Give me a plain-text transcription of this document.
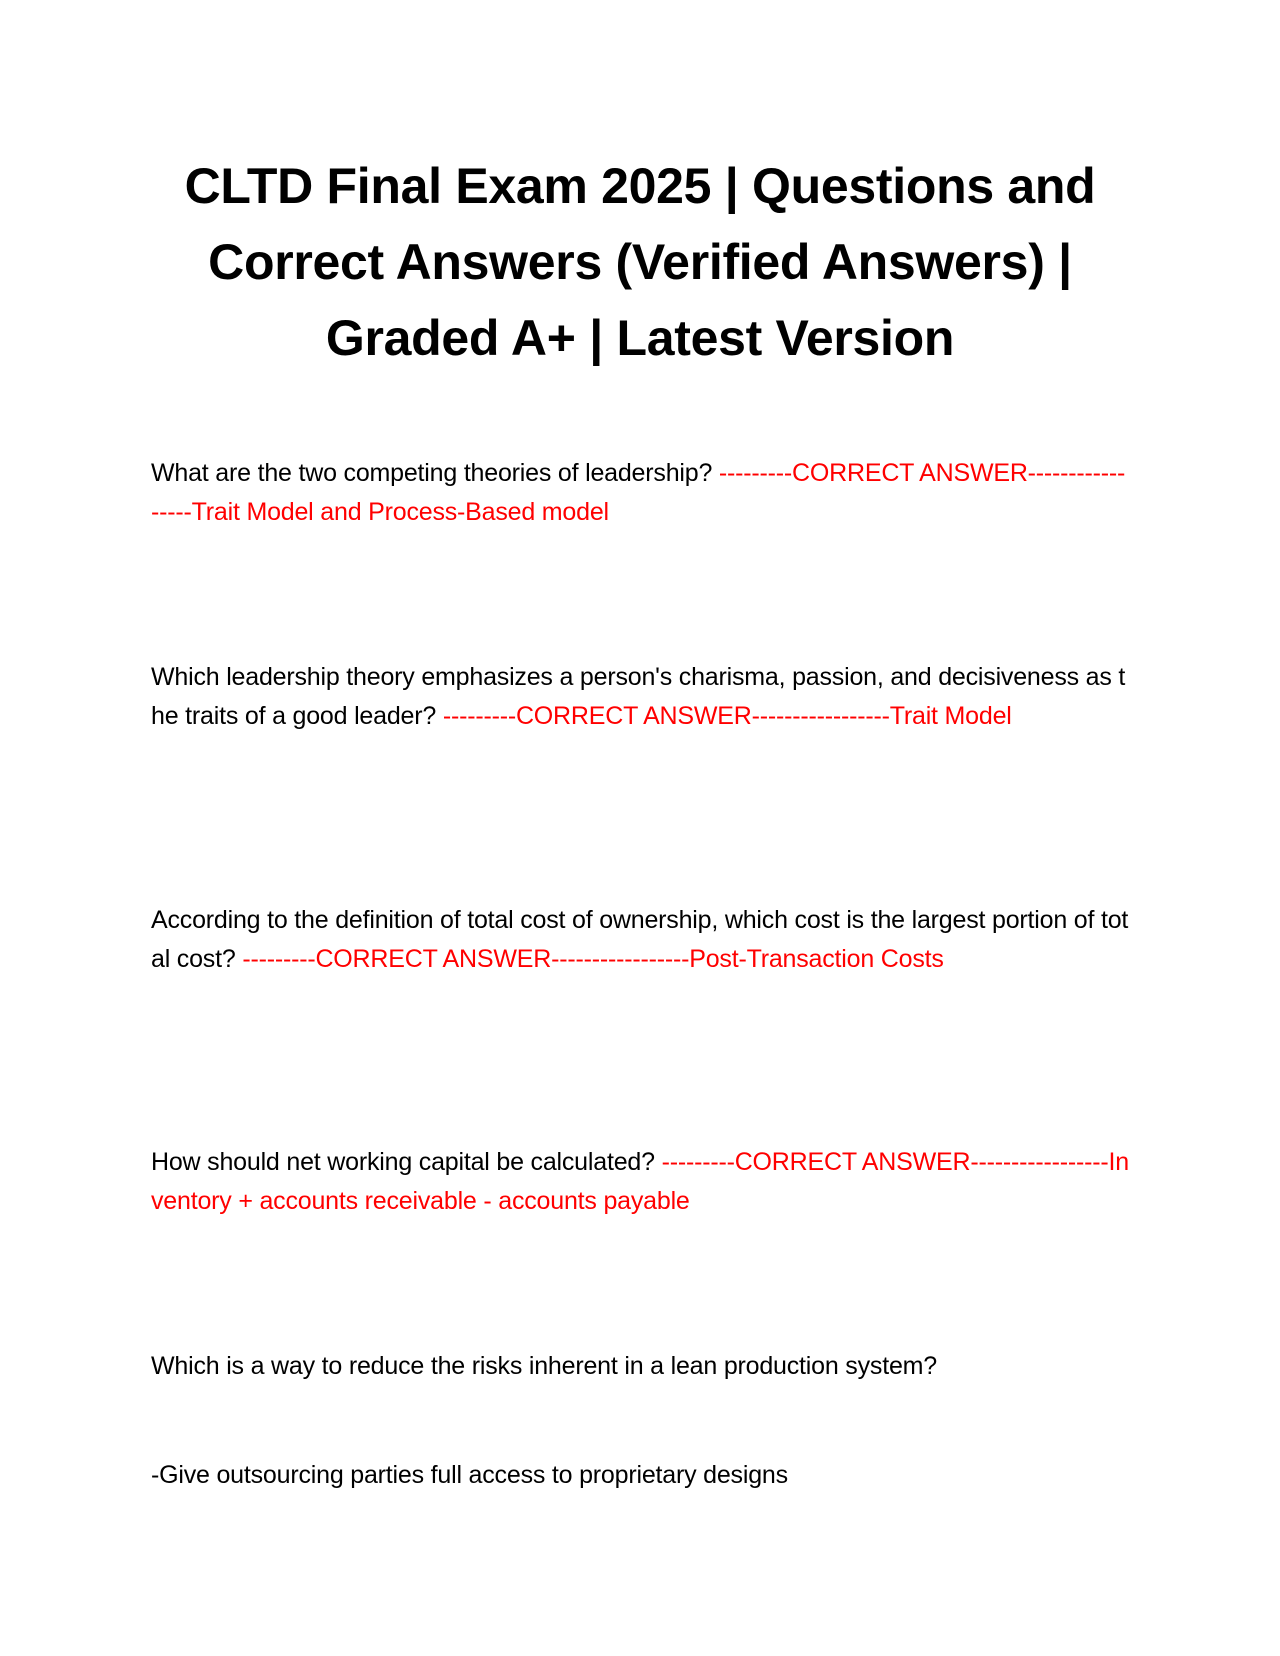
CLTD Final Exam 2025 | Questions and Correct Answers (Verified Answers) | Graded A+ | Latest Version

What are the two competing theories of leadership? ---------CORRECT ANSWER-----------------Trait Model and Process-Based model

Which leadership theory emphasizes a person's charisma, passion, and decisiveness as the traits of a good leader? ---------CORRECT ANSWER-----------------Trait Model

According to the definition of total cost of ownership, which cost is the largest portion of total cost? ---------CORRECT ANSWER-----------------Post-Transaction Costs

How should net working capital be calculated? ---------CORRECT ANSWER-----------------Inventory + accounts receivable - accounts payable

Which is a way to reduce the risks inherent in a lean production system?

-Give outsourcing parties full access to proprietary designs
